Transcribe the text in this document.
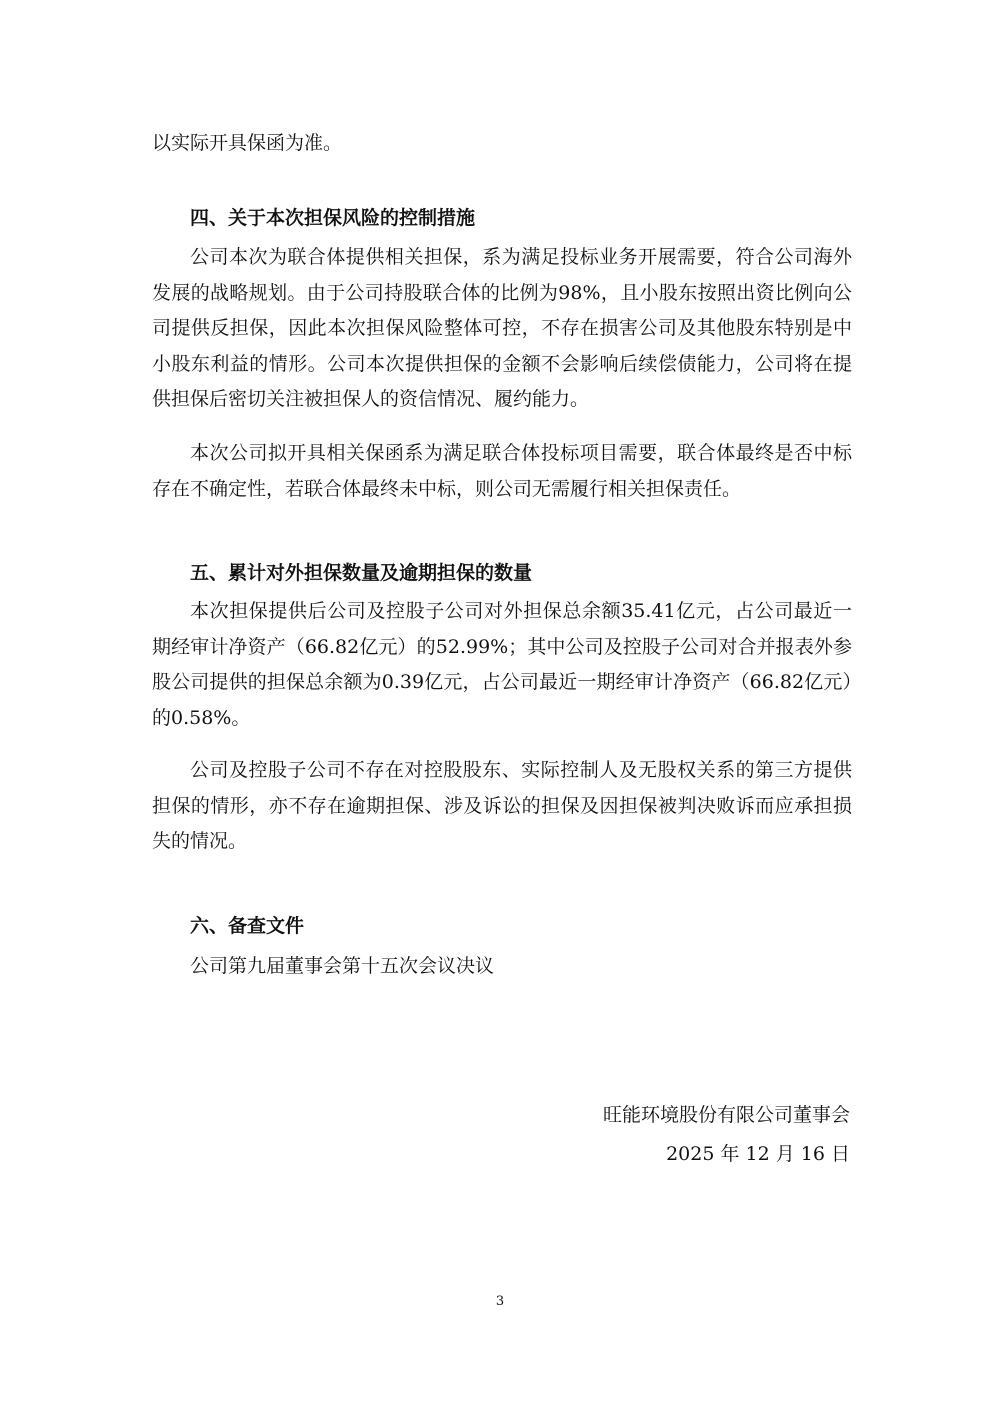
以实际开具保函为准。

四、关于本次担保风险的控制措施

公司本次为联合体提供相关担保，系为满足投标业务开展需要，符合公司海外发展的战略规划。由于公司持股联合体的比例为98%，且小股东按照出资比例向公司提供反担保，因此本次担保风险整体可控，不存在损害公司及其他股东特别是中小股东利益的情形。公司本次提供担保的金额不会影响后续偿债能力，公司将在提供担保后密切关注被担保人的资信情况、履约能力。

本次公司拟开具相关保函系为满足联合体投标项目需要，联合体最终是否中标存在不确定性，若联合体最终未中标，则公司无需履行相关担保责任。

五、累计对外担保数量及逾期担保的数量

本次担保提供后公司及控股子公司对外担保总余额35.41亿元，占公司最近一期经审计净资产（66.82亿元）的52.99%；其中公司及控股子公司对合并报表外参股公司提供的担保总余额为0.39亿元，占公司最近一期经审计净资产（66.82亿元）的0.58%。

公司及控股子公司不存在对控股股东、实际控制人及无股权关系的第三方提供担保的情形，亦不存在逾期担保、涉及诉讼的担保及因担保被判决败诉而应承担损失的情况。

六、备查文件

公司第九届董事会第十五次会议决议

旺能环境股份有限公司董事会

2025 年 12 月 16 日

3
